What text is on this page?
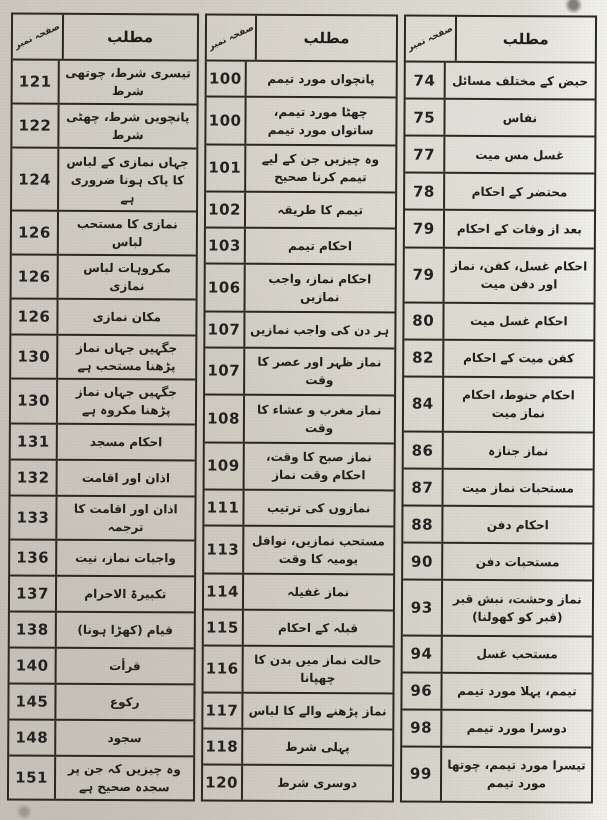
مطلب
صفحہ نمبر
حیض کے مختلف مسائل
74
نفاس
75
غسل مس میت
77
محتضر کے احکام
78
بعد از وفات کے احکام
79
احکام غسل، کفن، نماز اور دفن میت
79
احکام غسل میت
80
کفن میت کے احکام
82
احکام حنوط، احکام نماز میت
84
نماز جنازہ
86
مستحبات نماز میت
87
احکام دفن
88
مستحبات دفن
90
نماز وحشت، نبش قبر (قبر کو کھولنا)
93
مستحب غسل
94
تیمم، پہلا مورد تیمم
96
دوسرا مورد تیمم
98
تیسرا مورد تیمم، چوتھا مورد تیمم
99
مطلب
صفحہ نمبر
پانچواں مورد تیمم
100
چھٹا مورد تیمم، ساتواں مورد تیمم
100
وہ چیزیں جن کے لیے تیمم کرنا صحیح
101
تیمم کا طریقہ
102
احکام تیمم
103
احکام نماز، واجب نمازیں
106
ہر دن کی واجب نمازیں
107
نماز ظہر اور عصر کا وقت
107
نماز مغرب و عشاء کا وقت
108
نماز صبح کا وقت، احکام وقت نماز
109
نمازوں کی ترتیب
111
مستحب نمازیں، نوافل یومیہ کا وقت
113
نماز غفیلہ
114
قبلہ کے احکام
115
حالت نماز میں بدن کا چھپانا
116
نماز پڑھنے والے کا لباس
117
پہلی شرط
118
دوسری شرط
120
مطلب
صفحہ نمبر
تیسری شرط، چوتھی شرط
121
پانچویں شرط، چھٹی شرط
122
جہاں نمازی کے لباس کا پاک ہونا ضروری ہے
124
نمازی کا مستحب لباس
126
مکروہات لباس نمازی
126
مکان نمازی
126
جگہیں جہاں نماز پڑھنا مستحب ہے
130
جگہیں جہاں نماز پڑھنا مکروہ ہے
130
احکام مسجد
131
اذان اور اقامت
132
اذان اور اقامت کا ترجمہ
133
واجبات نماز، نیت
136
تکبیرۃ الاحرام
137
قیام (کھڑا ہونا)
138
قرأت
140
رکوع
145
سجود
148
وہ چیزیں کہ جن پر سجدہ صحیح ہے
151
